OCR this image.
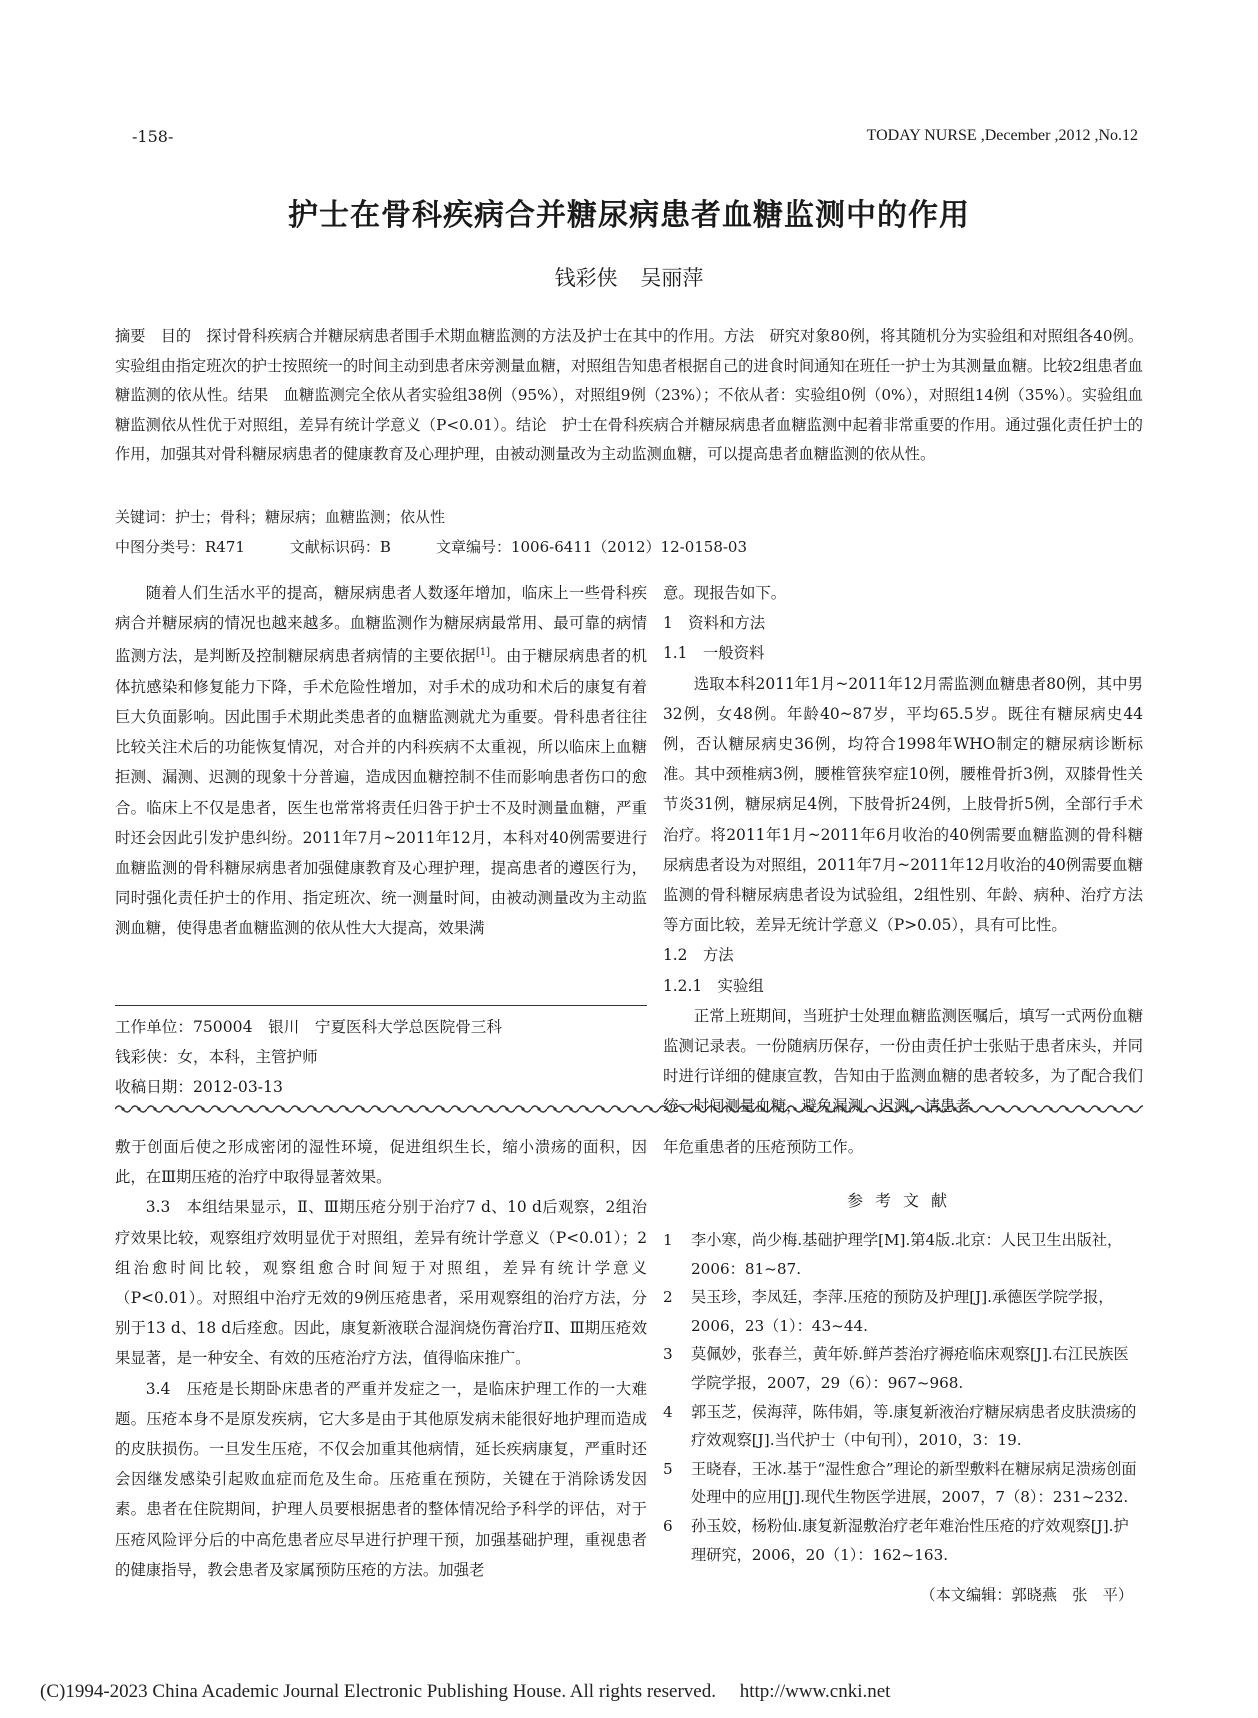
-158-	TODAY NURSE ,December ,2012 ,No.12
护士在骨科疾病合并糖尿病患者血糖监测中的作用
钱彩侠 吴丽萍
摘要　 目的　探讨骨科疾病合并糖尿病患者围手术期血糖监测的方法及护士在其中的作用。方法　研究对象80例，将其随机分为实验组和对照组各40例。实验组由指定班次的护士按照统一的时间主动到患者床旁测量血糖，对照组告知患者根据自己的进食时间通知在班任一护士为其测量血糖。比较2组患者血糖监测的依从性。结果　血糖监测完全依从者实验组38例（95%），对照组9例（23%）；不依从者：实验组0例（0%），对照组14例（35%）。实验组血糖监测依从性优于对照组，差异有统计学意义（P<0.01）。结论　护士在骨科疾病合并糖尿病患者血糖监测中起着非常重要的作用。通过强化责任护士的作用，加强其对骨科糖尿病患者的健康教育及心理护理，由被动测量改为主动监测血糖，可以提高患者血糖监测的依从性。
关键词：护士；骨科；糖尿病；血糖监测；依从性
中图分类号：R471　　　文献标识码：B　　　文章编号：1006-6411（2012）12-0158-03

随着人们生活水平的提高，糖尿病患者人数逐年增加，临床上一些骨科疾病合并糖尿病的情况也越来越多。血糖监测作为糖尿病最常用、最可靠的病情监测方法，是判断及控制糖尿病患者病情的主要依据[1]。由于糖尿病患者的机体抗感染和修复能力下降，手术危险性增加，对手术的成功和术后的康复有着巨大负面影响。因此围手术期此类患者的血糖监测就尤为重要。骨科患者往往比较关注术后的功能恢复情况，对合并的内科疾病不太重视，所以临床上血糖拒测、漏测、迟测的现象十分普遍，造成因血糖控制不佳而影响患者伤口的愈合。临床上不仅是患者，医生也常常将责任归咎于护士不及时测量血糖，严重时还会因此引发护患纠纷。2011年7月~2011年12月，本科对40例需要进行血糖监测的骨科糖尿病患者加强健康教育及心理护理，提高患者的遵医行为，同时强化责任护士的作用、指定班次、统一测量时间，由被动测量改为主动监测血糖，使得患者血糖监测的依从性大大提高，效果满

意。现报告如下。

1　资料和方法

1.1　一般资料

选取本科2011年1月~2011年12月需监测血糖患者80例，其中男 32例，女48例。年龄40~87岁，平均65.5岁。既往有糖尿病史44例，否认糖尿病史36例，均符合1998年WHO制定的糖尿病诊断标准。其中颈椎病3例，腰椎管狭窄症10例，腰椎骨折3例，双膝骨性关节炎31例，糖尿病足4例，下肢骨折24例，上肢骨折5例，全部行手术治疗。将2011年1月~2011年6月收治的40例需要血糖监测的骨科糖尿病患者设为对照组，2011年7月~2011年12月收治的40例需要血糖监测的骨科糖尿病患者设为试验组，2组性别、年龄、病种、治疗方法等方面比较，差异无统计学意义（P>0.05），具有可比性。

1.2　方法

1.2.1　实验组

正常上班期间，当班护士处理血糖监测医嘱后，填写一式两份血糖监测记录表。一份随病历保存，一份由责任护士张贴于患者床头，并同时进行详细的健康宣教，告知由于监测血糖的患者较多，为了配合我们

工作单位：750004　银川　宁夏医科大学总医院骨三科
钱彩侠：女，本科，主管护师
收稿日期：2012-03-13

敷于创面后使之形成密闭的湿性环境，促进组织生长，缩小溃疡的面积，因此，在Ⅲ期压疮的治疗中取得显著效果。

3.3　本组结果显示，Ⅱ、Ⅲ期压疮分别于治疗7 d、10 d后观察，2组治疗效果比较，观察组疗效明显优于对照组，差异有统计学意义（P<0.01）；2组治愈时间比较，观察组愈合时间短于对照组，差异有统计学意义（P<0.01）。对照组中治疗无效的9例压疮患者，采用观察组的治疗方法，分别于13 d、18 d后痊愈。因此，康复新液联合湿润烧伤膏治疗Ⅱ、Ⅲ期压疮效果显著，是一种安全、有效的压疮治疗方法，值得临床推广。

3.4　压疮是长期卧床患者的严重并发症之一，是临床护理工作的一大难题。压疮本身不是原发疾病，它大多是由于其他原发病未能很好地护理而造成的皮肤损伤。一旦发生压疮，不仅会加重其他病情，延长疾病康复，严重时还会因继发感染引起败血症而危及生命。压疮重在预防，关键在于消除诱发因素。患者在住院期间，护理人员要根据患者的整体情况给予科学的评估，对于压疮风险评分后的中高危患者应尽早进行护理干预，加强基础护理，重视患者的健康指导，教会患者及家属预防压疮的方法。加强老

年危重患者的压疮预防工作。

参考文献
1	李小寒，尚少梅.基础护理学[M].第4版.北京：人民卫生出版社，2006：81~87.
2	吴玉珍，李凤廷，李萍.压疮的预防及护理[J].承德医学院学报，2006，23（1）：43~44.
3	莫佩妙，张春兰，黄年娇.鲜芦荟治疗褥疮临床观察[J].右江民族医学院学报，2007，29（6）：967~968.
4	郭玉芝，侯海萍，陈伟娟，等.康复新液治疗糖尿病患者皮肤溃疡的疗效观察[J].当代护士（中旬刊），2010，3：19.
5	王晓春，王冰.基于“湿性愈合”理论的新型敷料在糖尿病足溃疡创面处理中的应用[J].现代生物医学进展，2007，7（8）：231~232.
6	孙玉姣，杨粉仙.康复新湿敷治疗老年难治性压疮的疗效观察[J].护理研究，2006，20（1）：162~163.
（本文编辑：郭晓燕　张　平）
(C)1994-2023 China Academic Journal Electronic Publishing House. All rights reserved.　 http://www.cnki.net
